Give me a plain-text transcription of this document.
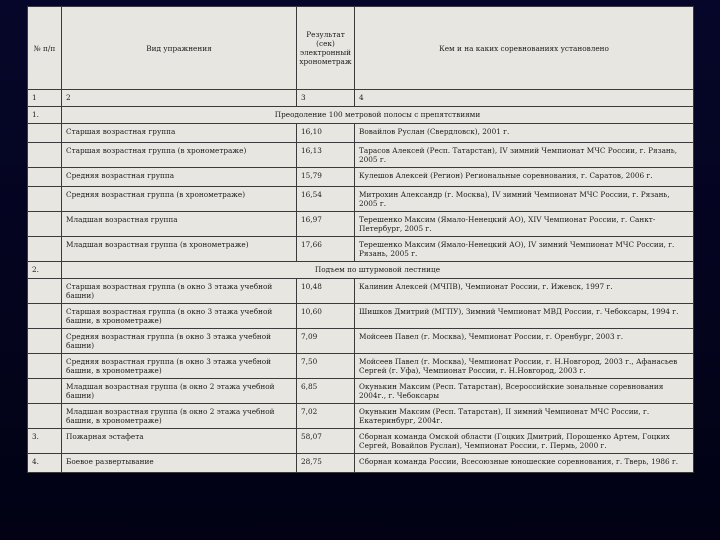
№ п/п	Вид упражнения	Результат (сек) электронный хронометраж	Кем и на каких соревнованиях установлено
1	2	3	4
1.	Преодоление 100 метровой полосы с препятствиями		
	Старшая возрастная группа	16,10	Вовайлов Руслан (Свердловск), 2001 г.
	Старшая возрастная группа (в хронометраже)	16,13	Тарасов Алексей (Респ. Татарстан), IV зимний Чемпионат МЧС России, г. Рязань, 2005 г.
	Средняя возрастная группа	15,79	Кулешов Алексей (Регион) Региональные соревнования, г. Саратов, 2006 г.
	Средняя возрастная группа (в хронометраже)	16,54	Митрохин Александр (г. Москва), IV зимний Чемпионат МЧС России, г. Рязань, 2005 г.
	Младшая возрастная группа	16,97	Терешенко Максим (Ямало-Ненецкий АО), XIV Чемпионат России, г. Санкт-Петербург, 2005 г.
	Младшая возрастная группа (в хронометраже)	17,66	Терешенко Максим (Ямало-Ненецкий АО), IV зимний Чемпионат МЧС России, г. Рязань, 2005 г.
2.	Подъем по штурмовой лестнице		
	Старшая возрастная группа (в окно 3 этажа учебной башни)	10,48	Калинин Алексей (МЧПВ), Чемпионат России, г. Ижевск, 1997 г.
	Старшая возрастная группа (в окно 3 этажа учебной башни, в хронометраже)	10,60	Шишков Дмитрий (МГПУ), Зимний Чемпионат МВД России, г. Чебоксары, 1994 г.
	Средняя возрастная группа (в окно 3 этажа учебной башни)	7,09	Мойсеев Павел (г. Москва), Чемпионат России, г. Оренбург, 2003 г.
	Средняя возрастная группа (в окно 3 этажа учебной башни, в хронометраже)	7,50	Мойсеев Павел (г. Москва), Чемпионат России, г. Н.Новгород, 2003 г., Афанасьев Сергей (г. Уфа), Чемпионат России, г. Н.Новгород, 2003 г.
	Младшая возрастная группа (в окно 2 этажа учебной башни)	6,85	Окунькин Максим (Респ. Татарстан), Всероссийские зональные соревнования 2004г., г. Чебоксары
	Младшая возрастная группа (в окно 2 этажа учебной башни, в хронометраже)	7,02	Окунькин Максим (Респ. Татарстан), II зимний Чемпионат МЧС России, г. Екатеринбург, 2004г.
3.	Пожарная эстафета	58,07	Сборная команда Омской области (Гоцких Дмитрий, Порошенко Артем, Гоцких Сергей, Вовайлов Руслан), Чемпионат России, г. Пермь, 2000 г.
4.	Боевое развертывание	28,75	Сборная команда России, Всесоюзные юношеские соревнования, г. Тверь, 1986 г.
